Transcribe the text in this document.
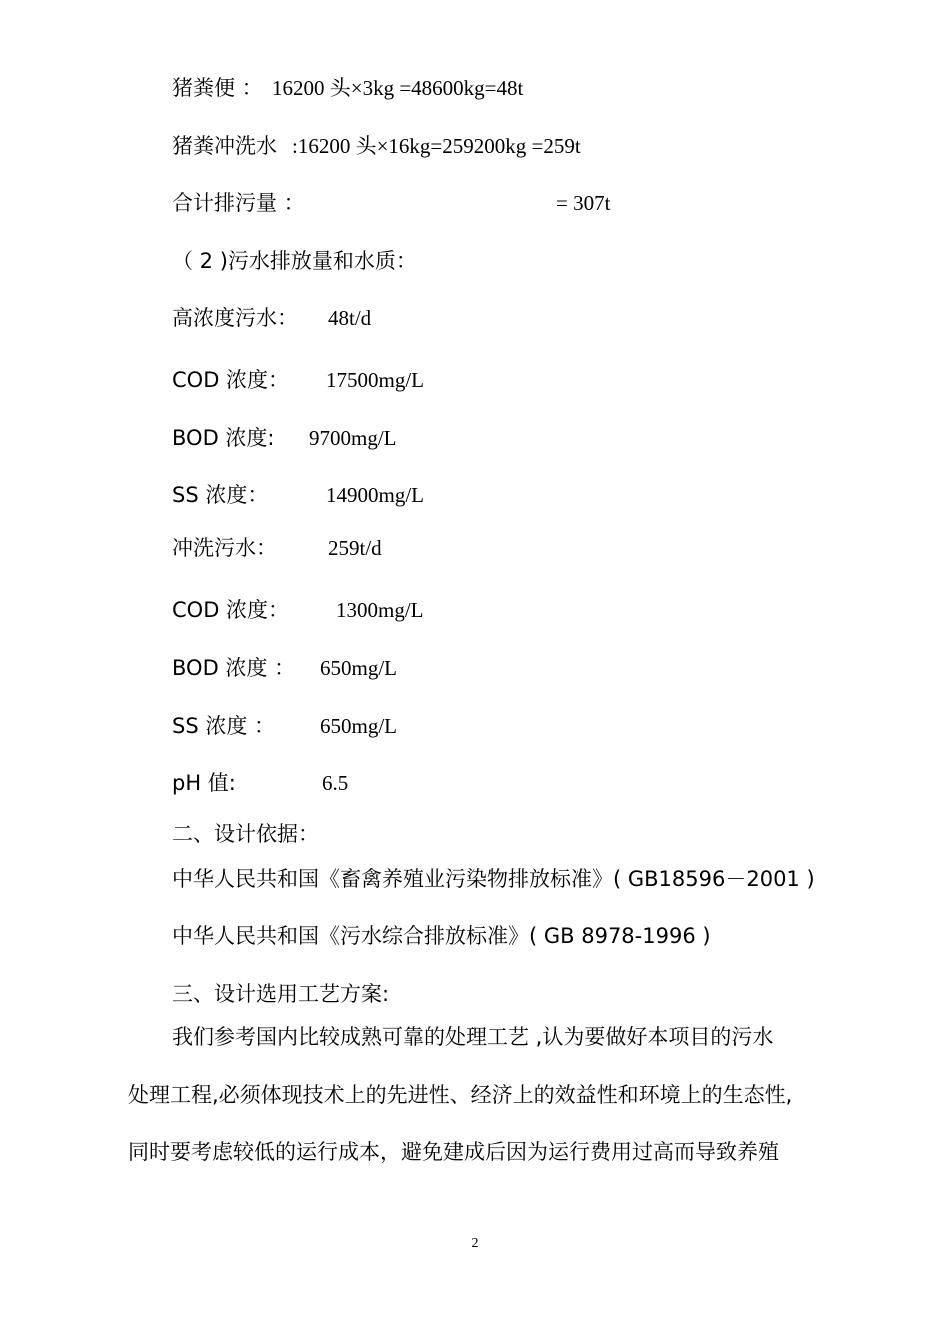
猪粪便 ： 16200 头×3kg =48600kg=48t
猪粪冲洗水 :16200 头×16kg=259200kg =259t
合计排污量 ：	= 307t
（ 2 )污水排放量和水质：
高浓度污水： 48t/d
COD 浓度： 17500mg/L
BOD 浓度: 9700mg/L
SS 浓度：	14900mg/L
冲洗污水： 259t/d
COD 浓度： 1300mg/L
BOD 浓度 ： 650mg/L
SS 浓度 ： 650mg/L
pH 值:	6.5
二、设计依据：
中华人民共和国《畜禽养殖业污染物排放标准》( GB18596－2001 )
中华人民共和国《污水综合排放标准》( GB 8978-1996 )
三、设计选用工艺方案:
我们参考国内比较成熟可靠的处理工艺 ,认为要做好本项目的污水
处理工程,必须体现技术上的先进性、经济上的效益性和环境上的生态性,
同时要考虑较低的运行成本，避免建成后因为运行费用过高而导致养殖
2
